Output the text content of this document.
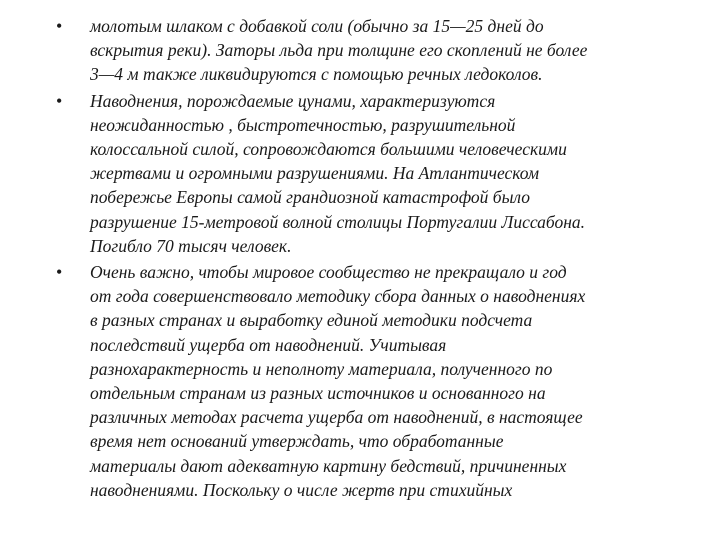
• молотым шлаком с добавкой соли (обычно за 15—25 дней до
вскрытия реки). Заторы льда при толщине его скоплений не более
3—4 м также ликвидируются с помощью речных ледоколов.

• Наводнения, порождаемые цунами, характеризуются
неожиданностью , быстротечностью, разрушительной
колоссальной силой, сопровождаются большими человеческими
жертвами и огромными разрушениями. На Атлантическом
побережье Европы самой грандиозной катастрофой было
разрушение 15-метровой волной столицы Португалии Лиссабона.
Погибло 70 тысяч человек.

• Очень важно, чтобы мировое сообщество не прекращало и год
от года совершенствовало методику сбора данных о наводнениях
в разных странах и выработку единой методики подсчета
последствий ущерба от наводнений. Учитывая
разнохарактерность и неполноту материала, полученного по
отдельным странам из разных источников и основанного на
различных методах расчета ущерба от наводнений, в настоящее
время нет оснований утверждать, что обработанные
материалы дают адекватную картину бедствий, причиненных
наводнениями. Поскольку о числе жертв при стихийных
